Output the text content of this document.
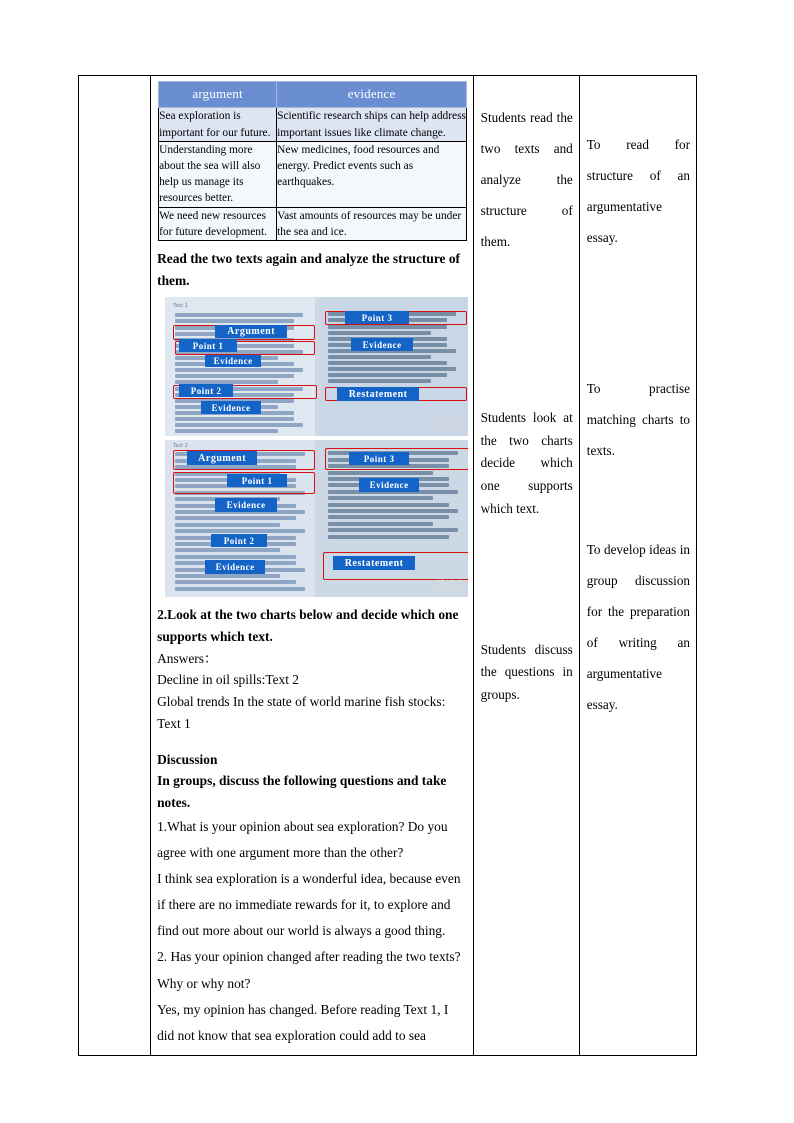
argument	evidence
Sea exploration is important for our future.	Scientific research ships can help address important issues like climate change.
Understanding more about the sea will also help us manage its resources better.	New medicines, food resources and energy. Predict events such as earthquakes.
We need new resources for future development.	Vast amounts of resources may be under the sea and ice.

Read the two texts again and analyze the structure of them.

Text 1
Argument
Point 1
Evidence
Point 2
Evidence
Point 3
Evidence
Restatement
资料
Text 2
Argument
Point 1
Evidence
Point 2
Evidence
Point 3
Evidence
Restatement
资料

2.Look at the two charts below and decide which one supports which text.

Answers：

Decline in oil spills:Text 2

Global trends In the state of world marine fish stocks: Text 1

Discussion

In groups, discuss the following questions and take notes.

1.What is your opinion about sea exploration? Do you agree with one argument more than the other?

I think sea exploration is a wonderful idea, because even if there are no immediate rewards for it, to explore and find out more about our world is always a good thing.

2. Has your opinion changed after reading the two texts? Why or why not?

Yes, my opinion has changed. Before reading Text 1, I did not know that sea exploration could add to sea

Students read the two texts and analyze the structure of them.

Students look at the two charts decide which one supports which text.

Students discuss the questions in groups.

To read for structure of an argumentative essay.

To practise matching charts to texts.

To develop ideas in group discussion for the preparation of writing an argumentative essay.
